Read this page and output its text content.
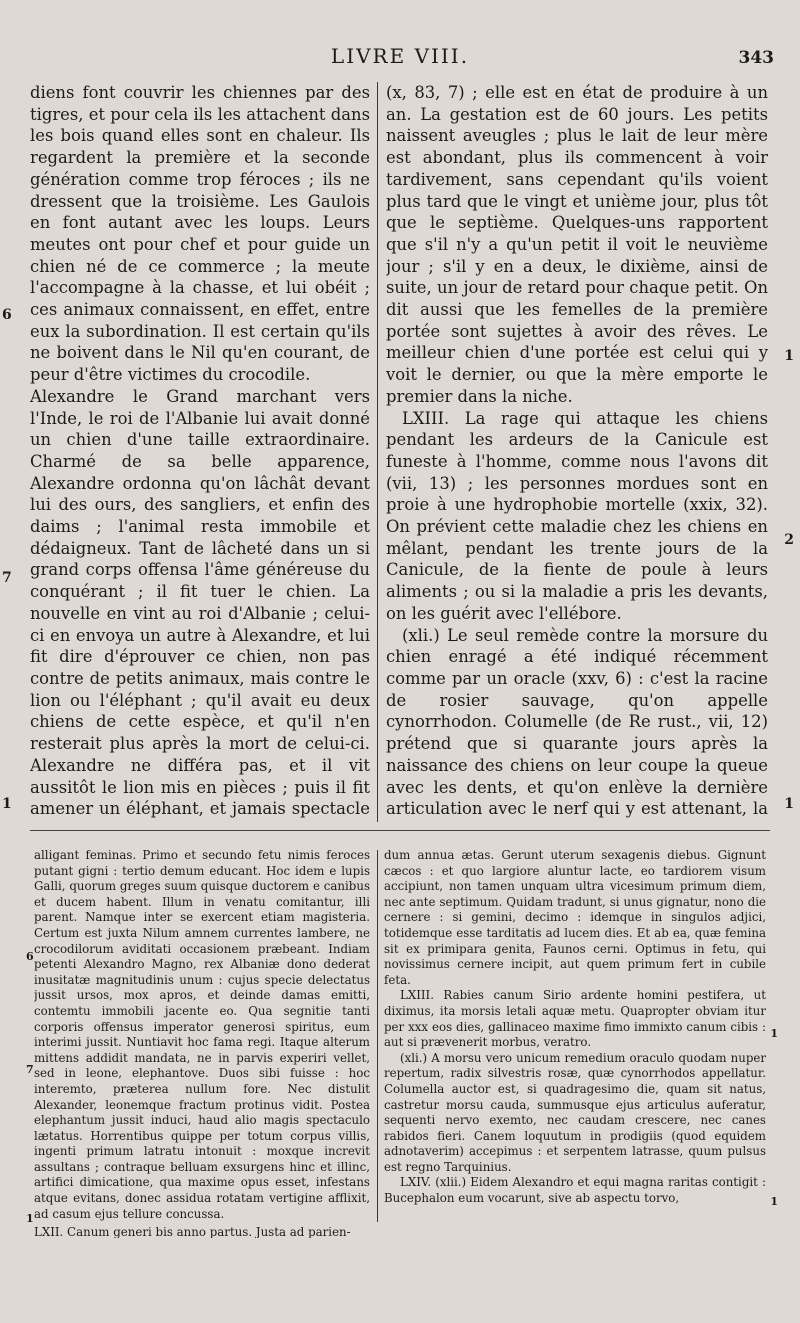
LIVRE VIII.	343

diens font couvrir les chiennes par des tigres, et pour cela ils les attachent dans les bois quand elles sont en chaleur. Ils regardent la première et la seconde génération comme trop féroces ; ils ne dressent que la troisième. Les Gaulois en font autant avec les loups. Leurs meutes ont pour chef et pour guide un chien né de ce commerce ; la meute l'accompagne à la chasse, et lui obéit ; ces animaux connaissent, en effet, entre eux la subordination. Il est certain qu'ils ne boivent dans le Nil qu'en courant, de peur d'être victimes du crocodile.

Alexandre le Grand marchant vers l'Inde, le roi de l'Albanie lui avait donné un chien d'une taille extraordinaire. Charmé de sa belle apparence, Alexandre ordonna qu'on lâchât devant lui des ours, des sangliers, et enfin des daims ; l'animal resta immobile et dédaigneux. Tant de lâcheté dans un si grand corps offensa l'âme généreuse du conquérant ; il fit tuer le chien. La nouvelle en vint au roi d'Albanie ; celui-ci en envoya un autre à Alexandre, et lui fit dire d'éprouver ce chien, non pas contre de petits animaux, mais contre le lion ou l'éléphant ; qu'il avait eu deux chiens de cette espèce, et qu'il n'en resterait plus après la mort de celui-ci. Alexandre ne différa pas, et il vit aussitôt le lion mis en pièces ; puis il fit amener un éléphant, et jamais spectacle

(x, 83, 7) ; elle est en état de produire à un an. La gestation est de 60 jours. Les petits naissent aveugles ; plus le lait de leur mère est abondant, plus ils commencent à voir tardivement, sans cependant qu'ils voient plus tard que le vingt et unième jour, plus tôt que le septième. Quelques-uns rapportent que s'il n'y a qu'un petit il voit le neuvième jour ; s'il y en a deux, le dixième, ainsi de suite, un jour de retard pour chaque petit. On dit aussi que les femelles de la première portée sont sujettes à avoir des rêves. Le meilleur chien d'une portée est celui qui y voit le dernier, ou que la mère emporte le premier dans la niche.

LXIII. La rage qui attaque les chiens pendant les ardeurs de la Canicule est funeste à l'homme, comme nous l'avons dit (vii, 13) ; les personnes mordues sont en proie à une hydrophobie mortelle (xxix, 32). On prévient cette maladie chez les chiens en mêlant, pendant les trente jours de la Canicule, de la fiente de poule à leurs aliments ; ou si la maladie a pris les devants, on les guérit avec l'ellébore.

(xli.) Le seul remède contre la morsure du chien enragé a été indiqué récemment comme par un oracle (xxv, 6) : c'est la racine de rosier sauvage, qu'on appelle cynorrhodon. Columelle (de Re rust., vii, 12) prétend que si quarante jours après la naissance des chiens on leur coupe la queue avec les dents, et qu'on enlève la dernière articulation avec le nerf qui y est attenant, la

6
7
1
1
2
1

alligant feminas. Primo et secundo fetu nimis feroces putant gigni : tertio demum educant. Hoc idem e lupis Galli, quorum greges suum quisque ductorem e canibus et ducem habent. Illum in venatu comitantur, illi parent. Namque inter se exercent etiam magisteria. Certum est juxta Nilum amnem currentes lambere, ne crocodilorum aviditati occasionem præbeant. Indiam petenti Alexandro Magno, rex Albaniæ dono dederat inusitatæ magnitudinis unum : cujus specie delectatus jussit ursos, mox apros, et deinde damas emitti, contemtu immobili jacente eo. Qua segnitie tanti corporis offensus imperator generosi spiritus, eum interimi jussit. Nuntiavit hoc fama regi. Itaque alterum mittens addidit mandata, ne in parvis experiri vellet, sed in leone, elephantove. Duos sibi fuisse : hoc interemto, præterea nullum fore. Nec distulit Alexander, leonemque fractum protinus vidit. Postea elephantum jussit induci, haud alio magis spectaculo lætatus. Horrentibus quippe per totum corpus villis, ingenti primum latratu intonuit : moxque increvit assultans ; contraque belluam exsurgens hinc et illinc, artifici dimicatione, qua maxime opus esset, infestans atque evitans, donec assidua rotatam vertigine afflixit, ad casum ejus tellure concussa.

LXII. Canum generi bis anno partus. Justa ad parien-

dum annua ætas. Gerunt uterum sexagenis diebus. Gignunt cæcos : et quo largiore aluntur lacte, eo tardiorem visum accipiunt, non tamen unquam ultra vicesimum primum diem, nec ante septimum. Quidam tradunt, si unus gignatur, nono die cernere : si gemini, decimo : idemque in singulos adjici, totidemque esse tarditatis ad lucem dies. Et ab ea, quæ femina sit ex primipara genita, Faunos cerni. Optimus in fetu, qui novissimus cernere incipit, aut quem primum fert in cubile feta.

LXIII. Rabies canum Sirio ardente homini pestifera, ut diximus, ita morsis letali aquæ metu. Quapropter obviam itur per xxx eos dies, gallinaceo maxime fimo immixto canum cibis : aut si prævenerit morbus, veratro.

(xli.) A morsu vero unicum remedium oraculo quodam nuper repertum, radix silvestris rosæ, quæ cynorrhodos appellatur. Columella auctor est, si quadragesimo die, quam sit natus, castretur morsu cauda, summusque ejus articulus auferatur, sequenti nervo exemto, nec caudam crescere, nec canes rabidos fieri. Canem loquutum in prodigiis (quod equidem adnotaverim) accepimus : et serpentem latrasse, quum pulsus est regno Tarquinius.

LXIV. (xlii.) Eidem Alexandro et equi magna raritas contigit : Bucephalon eum vocarunt, sive ab aspectu torvo,

6
7
1
1
1
